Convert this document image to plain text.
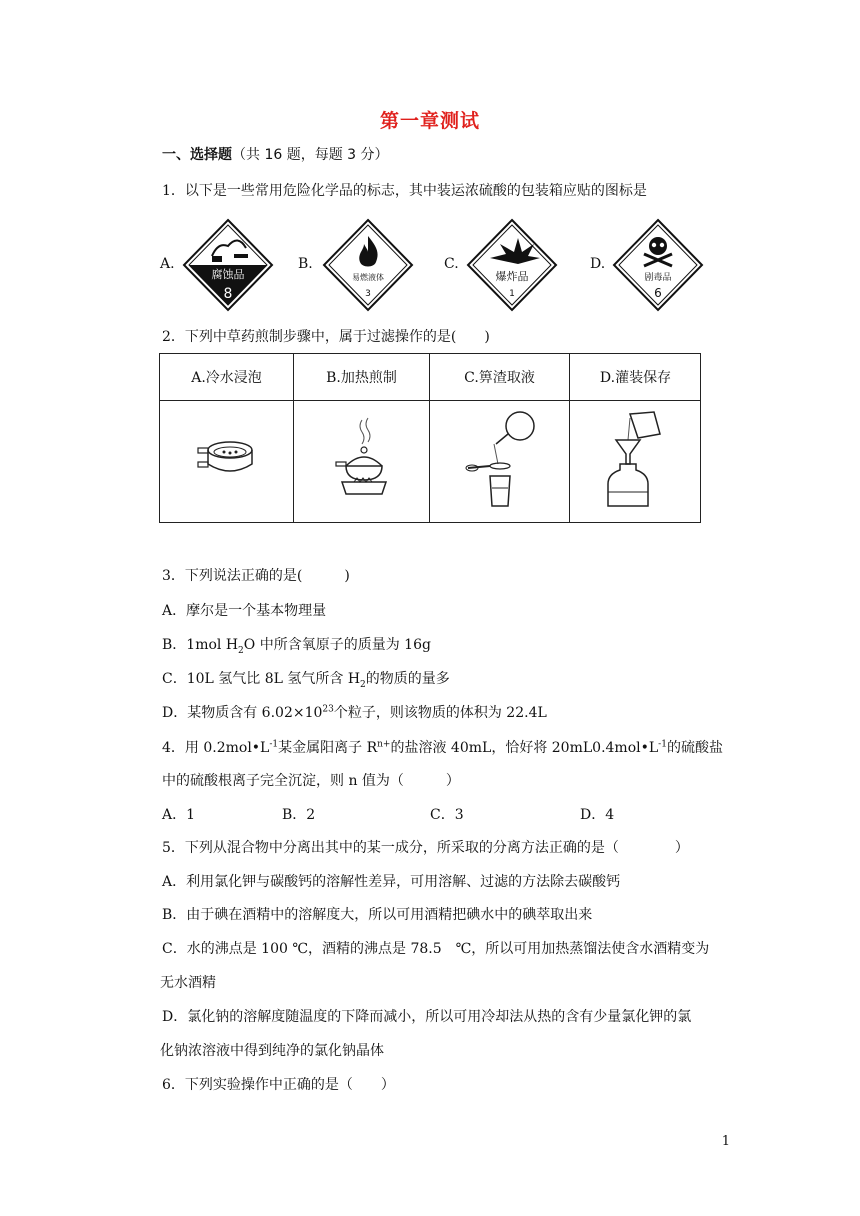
第一章测试
一、选择题（共 16 题，每题 3 分）
1．以下是一些常用危险化学品的标志，其中装运浓硫酸的包装箱应贴的图标是
A.
腐蚀品
8
B.
易燃液体
3
C.
爆炸品
1
D.
剧毒品
6
2．下列中草药煎制步骤中，属于过滤操作的是(　　)
A.冷水浸泡	B.加热煎制	C.箅渣取液	D.灌装保存
3．下列说法正确的是(　　　)
A．摩尔是一个基本物理量
B．1mol $H_2O$ 中所含氧原子的质量为 16g
C．10L 氢气比 8L 氢气所含 $H_2$的物质的量多
D．某物质含有 $6.02\times 10^{23}$个粒子，则该物质的体积为 22.4L
4．用 $0.2mol•L^{-1}$某金属阳离子 $R^{n+}$的盐溶液 40mL，恰好将 $20mL0.4mol•L^{-1}$的硫酸盐
中的硫酸根离子完全沉淀，则 n 值为（　　　）
A．1	B．2	C．3	D．4
5．下列从混合物中分离出其中的某一成分，所采取的分离方法正确的是（　　　　）
A．利用氯化钾与碳酸钙的溶解性差异，可用溶解、过滤的方法除去碳酸钙
B．由于碘在酒精中的溶解度大，所以可用酒精把碘水中的碘萃取出来
C．水的沸点是 100 ℃，酒精的沸点是 78.5　℃，所以可用加热蒸馏法使含水酒精变为
无水酒精
D．氯化钠的溶解度随温度的下降而减小，所以可用冷却法从热的含有少量氯化钾的氯
化钠浓溶液中得到纯净的氯化钠晶体
6．下列实验操作中正确的是（　　）
1
